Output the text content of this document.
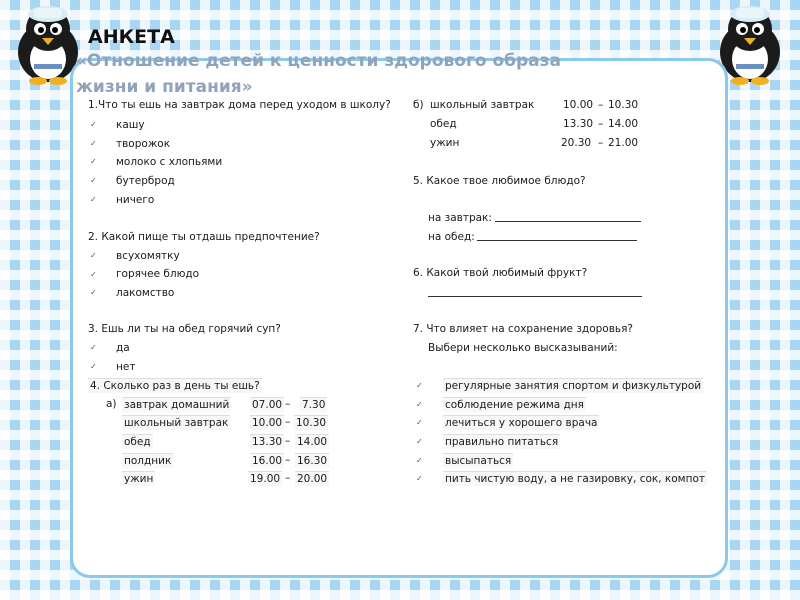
АНКЕТА
«Отношение детей к ценности здорового образа
жизни и питания»
1.Что ты ешь на завтрак дома перед уходом в школу?
✓ кашу
✓ творожок
✓ молоко с хлопьями
✓ бутерброд
✓ ничего
2. Какой пище ты отдашь предпочтение?
✓ всухомятку
✓ горячее блюдо
✓ лакомство
3. Ешь ли ты на обед горячий суп?
✓ да
✓ нет
4. Сколько раз в день ты ешь?
а) завтрак домашний 07.00 – 7.30
школьный завтрак 10.00 – 10.30
обед	13.30 – 14.00
полдник	16.00 – 16.30
ужин	19.00 – 20.00
б) школьный завтрак	10.00 – 10.30
обед	13.30 – 14.00
ужин	20.30 – 21.00
5. Какое твое любимое блюдо?
на завтрак:
на обед:
6. Какой твой любимый фрукт?
7. Что влияет на сохранение здоровья?
Выбери несколько высказываний:
✓ регулярные занятия спортом и физкультурой
✓ соблюдение режима дня
✓ лечиться у хорошего врача
✓ правильно питаться
✓ высыпаться
✓ пить чистую воду, а не газировку, сок, компот
